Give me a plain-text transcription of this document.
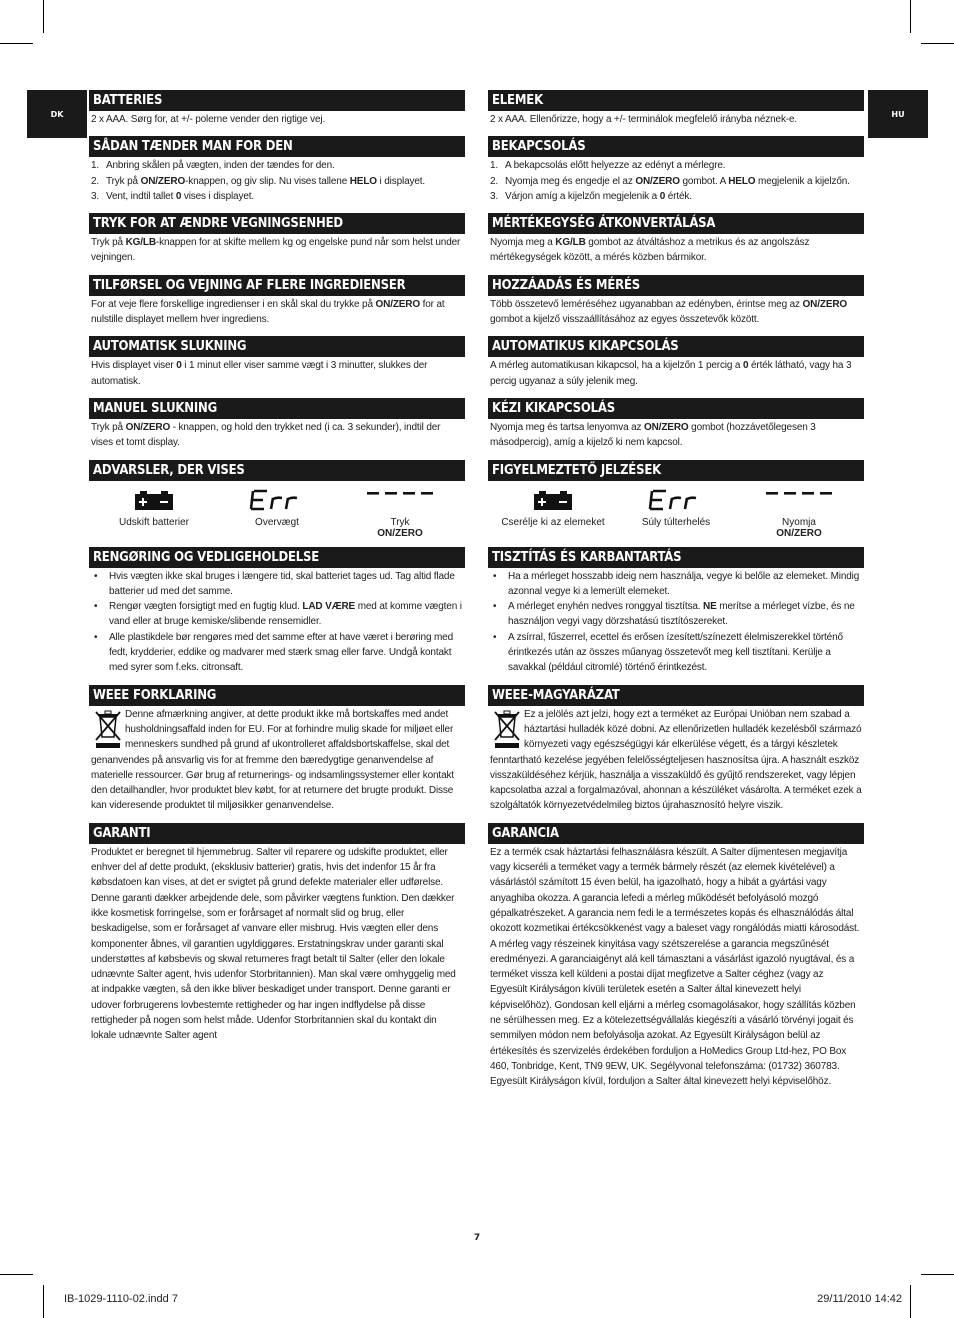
DK	HU
BATTERIES

2 x AAA. Sørg for, at +/- polerne vender den rigtige vej.

SÅDAN TÆNDER MAN FOR DEN
1. Anbring skålen på vægten, inden der tændes for den.
2. Tryk på ON/ZERO-knappen, og giv slip. Nu vises tallene HELO i displayet.
3. Vent, indtil tallet 0 vises i displayet.
TRYK FOR AT ÆNDRE VEGNINGSENHED

Tryk på KG/LB-knappen for at skifte mellem kg og engelske pund når som helst under vejningen.

TILFØRSEL OG VEJNING AF FLERE INGREDIENSER

For at veje flere forskellige ingredienser i en skål skal du trykke på ON/ZERO for at nulstille displayet mellem hver ingrediens.

AUTOMATISK SLUKNING

Hvis displayet viser 0 i 1 minut eller viser samme vægt i 3 minutter, slukkes der automatisk.

MANUEL SLUKNING

Tryk på ON/ZERO - knappen, og hold den trykket ned (i ca. 3 sekunder), indtil der vises et tomt display.

ADVARSLER, DER VISES
Udskift batterier	Overvægt	Tryk
ON/ZERO
RENGØRING OG VEDLIGEHOLDELSE
• Hvis vægten ikke skal bruges i længere tid, skal batteriet tages ud. Tag altid flade batterier ud med det samme.
• Rengør vægten forsigtigt med en fugtig klud. LAD VÆRE med at komme vægten i vand eller at bruge kemiske/slibende rensemidler.
• Alle plastikdele bør rengøres med det samme efter at have været i berøring med fedt, krydderier, eddike og madvarer med stærk smag eller farve. Undgå kontakt med syrer som f.eks. citronsaft.
WEEE FORKLARING

Denne afmærkning angiver, at dette produkt ikke må bortskaffes med andet husholdningsaffald inden for EU. For at forhindre mulig skade for miljøet eller menneskers sundhed på grund af ukontrolleret affaldsbortskaffelse, skal det genanvendes på ansvarlig vis for at fremme den bæredygtige genanvendelse af materielle ressourcer. Gør brug af returnerings- og indsamlingssystemer eller kontakt den detailhandler, hvor produktet blev købt, for at returnere det brugte produkt. Disse kan videresende produktet til miljøsikker genanvendelse.

GARANTI

Produktet er beregnet til hjemmebrug. Salter vil reparere og udskifte produktet, eller enhver del af dette produkt, (eksklusiv batterier) gratis, hvis det indenfor 15 år fra købsdatoen kan vises, at det er svigtet på grund defekte materialer eller udførelse. Denne garanti dækker arbejdende dele, som påvirker vægtens funktion. Den dækker ikke kosmetisk forringelse, som er forårsaget af normalt slid og brug, eller beskadigelse, som er forårsaget af vanvare eller misbrug. Hvis vægten eller dens komponenter åbnes, vil garantien ugyldiggøres. Erstatningskrav under garanti skal understøttes af købsbevis og skwal returneres fragt betalt til Salter (eller den lokale udnævnte Salter agent, hvis udenfor Storbritannien). Man skal være omhyggelig med at indpakke vægten, så den ikke bliver beskadiget under transport. Denne garanti er udover forbrugerens lovbestemte rettigheder og har ingen indflydelse på disse rettigheder på nogen som helst måde. Udenfor Storbritannien skal du kontakt din lokale udnævnte Salter agent

ELEMEK

2 x AAA. Ellenőrizze, hogy a +/- terminálok megfelelő irányba néznek-e.

BEKAPCSOLÁS
1. A bekapcsolás előtt helyezze az edényt a mérlegre.
2. Nyomja meg és engedje el az ON/ZERO gombot. A HELO megjelenik a kijelzőn.
3. Várjon amíg a kijelzőn megjelenik a 0 érték.
MÉRTÉKEGYSÉG ÁTKONVERTÁLÁSA

Nyomja meg a KG/LB gombot az átváltáshoz a metrikus és az angolszász mértékegységek között, a mérés közben bármikor.

HOZZÁADÁS ÉS MÉRÉS

Több összetevő leméréséhez ugyanabban az edényben, érintse meg az ON/ZERO gombot a kijelző visszaállításához az egyes összetevők között.

AUTOMATIKUS KIKAPCSOLÁS

A mérleg automatikusan kikapcsol, ha a kijelzőn 1 percig a 0 érték látható, vagy ha 3 percig ugyanaz a súly jelenik meg.

KÉZI KIKAPCSOLÁS

Nyomja meg és tartsa lenyomva az ON/ZERO gombot (hozzávetőlegesen 3 másodpercig), amíg a kijelző ki nem kapcsol.

FIGYELMEZTETŐ JELZÉSEK
Cserélje ki az elemeket	Súly túlterhelés	Nyomja
ON/ZERO
TISZTÍTÁS ÉS KARBANTARTÁS
• Ha a mérleget hosszabb ideig nem használja, vegye ki belőle az elemeket. Mindig azonnal vegye ki a lemerült elemeket.
• A mérleget enyhén nedves ronggyal tisztítsa. NE merítse a mérleget vízbe, és ne használjon vegyi vagy dörzshatású tisztítószereket.
• A zsírral, fűszerrel, ecettel és erősen ízesített/színezett élelmiszerekkel történő érintkezés után az összes műanyag összetevőt meg kell tisztítani. Kerülje a savakkal (például citromlé) történő érintkezést.
WEEE-MAGYARÁZAT

Ez a jelölés azt jelzi, hogy ezt a terméket az Európai Unióban nem szabad a háztartási hulladék közé dobni. Az ellenőrizetlen hulladék kezelésből származó környezeti vagy egészségügyi kár elkerülése végett, és a tárgyi készletek fenntartható kezelése jegyében felelősségteljesen hasznosítsa újra. A használt eszköz visszaküldéséhez kérjük, használja a visszaküldő és gyűjtő rendszereket, vagy lépjen kapcsolatba azzal a forgalmazóval, ahonnan a készüléket vásárolta. A terméket ezek a szolgáltatók környezetvédelmileg biztos újrahasznosító helyre viszik.

GARANCIA

Ez a termék csak háztartási felhasználásra készült. A Salter díjmentesen megjavítja vagy kicseréli a terméket vagy a termék bármely részét (az elemek kivételével) a vásárlástól számított 15 éven belül, ha igazolható, hogy a hibát a gyártási vagy anyaghiba okozza. A garancia lefedi a mérleg működését befolyásoló mozgó gépalkatrészeket. A garancia nem fedi le a természetes kopás és elhasználódás által okozott kozmetikai értékcsökkenést vagy a baleset vagy rongálódás miatti károsodást. A mérleg vagy részeinek kinyitása vagy szétszerelése a garancia megszűnését eredményezi. A garanciaigényt alá kell támasztani a vásárlást igazoló nyugtával, és a terméket vissza kell küldeni a postai díjat megfizetve a Salter céghez (vagy az Egyesült Királyságon kívüli területek esetén a Salter által kinevezett helyi képviselőhöz). Gondosan kell eljárni a mérleg csomagolásakor, hogy szállítás közben ne sérülhessen meg. Ez a kötelezettségvállalás kiegészíti a vásárló törvényi jogait és semmilyen módon nem befolyásolja azokat. Az Egyesült Királyságon belül az értékesítés és szervizelés érdekében forduljon a HoMedics Group Ltd-hez, PO Box 460, Tonbridge, Kent, TN9 9EW, UK. Segélyvonal telefonszáma: (01732) 360783. Egyesült Királyságon kívül, forduljon a Salter által kinevezett helyi képviselőhöz.

7
IB-1029-1110-02.indd 7	29/11/2010 14:42
